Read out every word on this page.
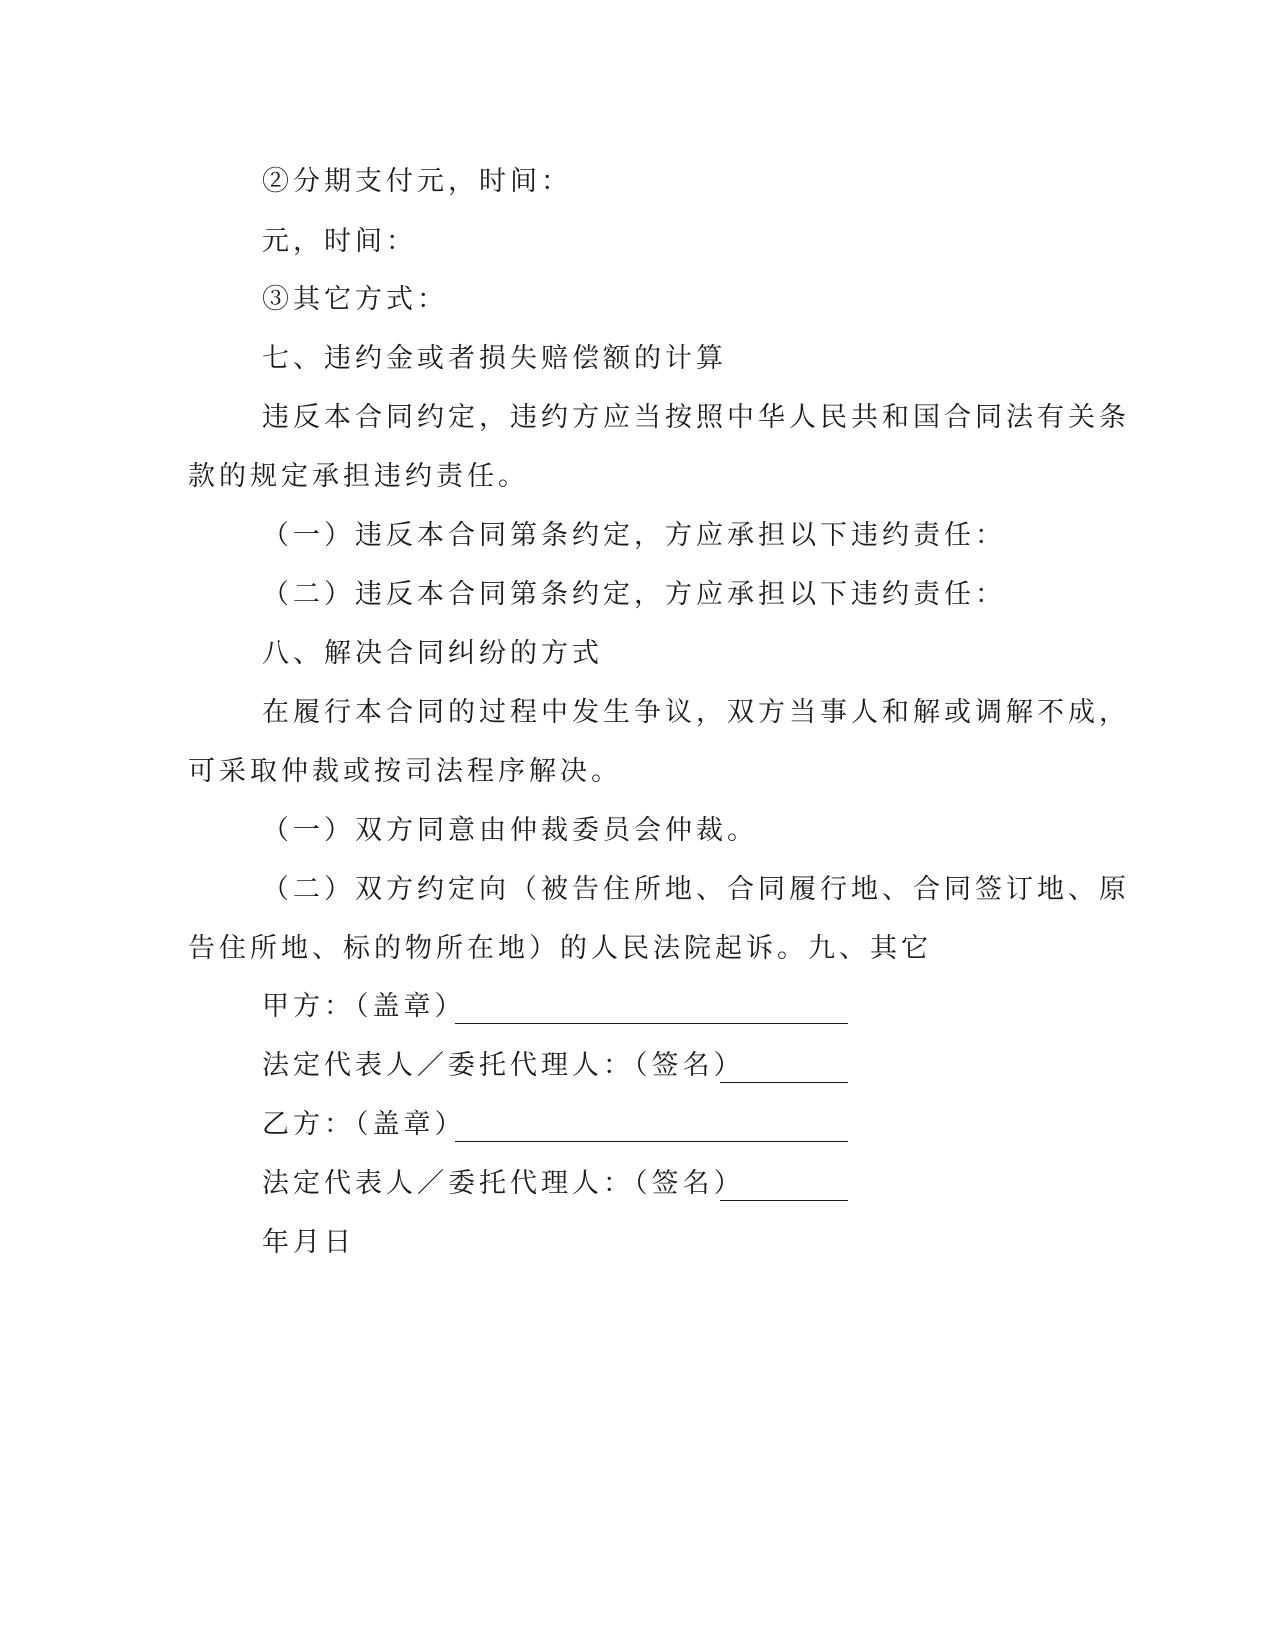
②分期支付元，时间：
元，时间：
③其它方式：
七、违约金或者损失赔偿额的计算
违反本合同约定，违约方应当按照中华人民共和国合同法有关条
款的规定承担违约责任。
（一）违反本合同第条约定，方应承担以下违约责任：
（二）违反本合同第条约定，方应承担以下违约责任：
八、解决合同纠纷的方式
在履行本合同的过程中发生争议，双方当事人和解或调解不成，
可采取仲裁或按司法程序解决。
（一）双方同意由仲裁委员会仲裁。
（二）双方约定向（被告住所地、合同履行地、合同签订地、原
告住所地、标的物所在地）的人民法院起诉。九、其它
甲方：（盖章）
法定代表人／委托代理人：（签名）
乙方：（盖章）
法定代表人／委托代理人：（签名）
年月日
